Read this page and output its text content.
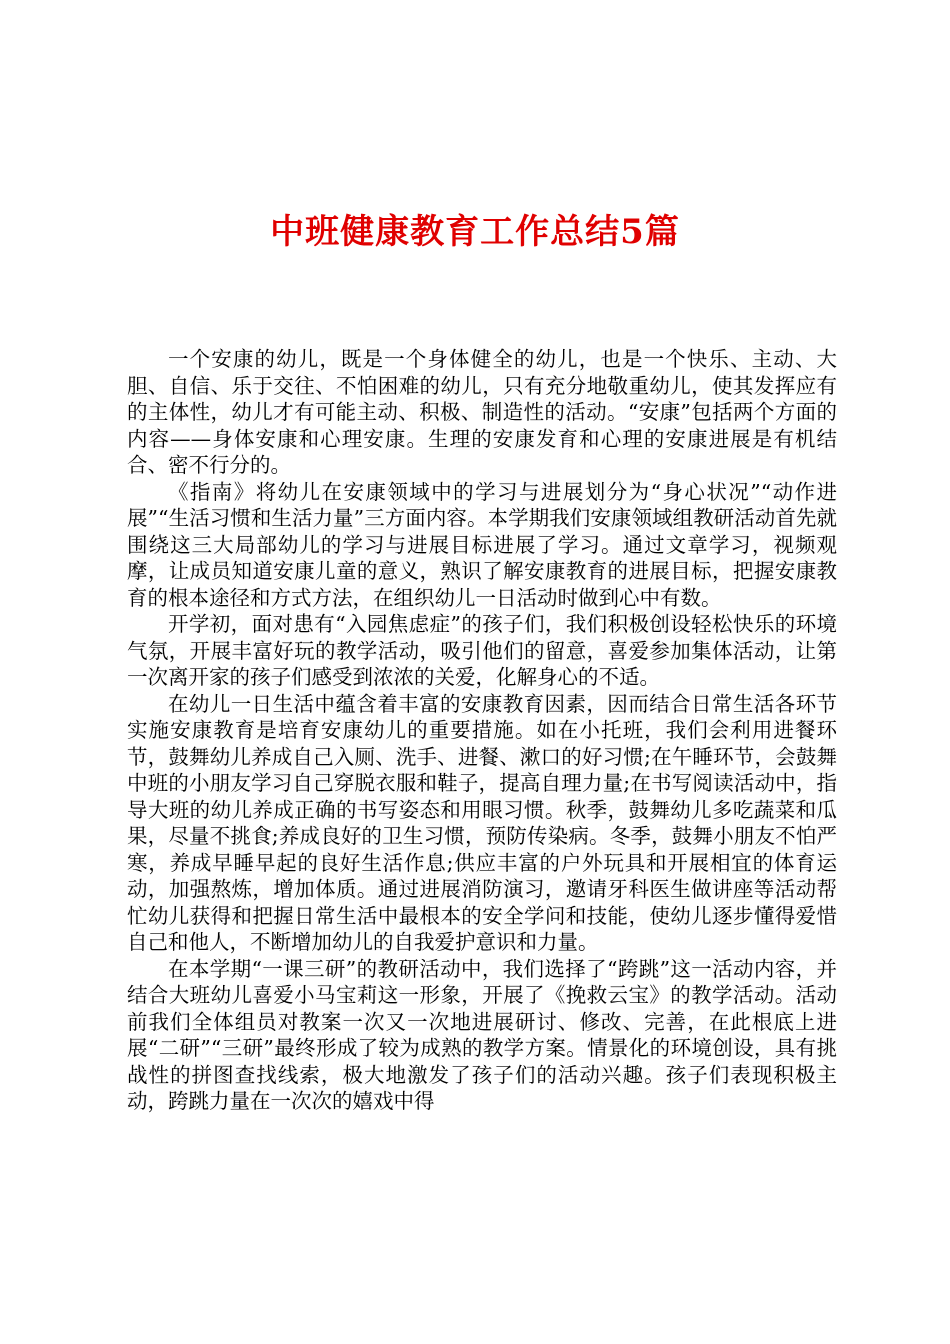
中班健康教育工作总结5篇

一个安康的幼儿，既是一个身体健全的幼儿，也是一个快乐、主动、大胆、自信、乐于交往、不怕困难的幼儿，只有充分地敬重幼儿，使其发挥应有的主体性，幼儿才有可能主动、积极、制造性的活动。“安康”包括两个方面的内容——身体安康和心理安康。生理的安康发育和心理的安康进展是有机结合、密不行分的。

《指南》将幼儿在安康领域中的学习与进展划分为“身心状况”“动作进展”“生活习惯和生活力量”三方面内容。本学期我们安康领域组教研活动首先就围绕这三大局部幼儿的学习与进展目标进展了学习。通过文章学习，视频观摩，让成员知道安康儿童的意义，熟识了解安康教育的进展目标，把握安康教育的根本途径和方式方法，在组织幼儿一日活动时做到心中有数。

开学初，面对患有“入园焦虑症”的孩子们，我们积极创设轻松快乐的环境气氛，开展丰富好玩的教学活动，吸引他们的留意，喜爱参加集体活动，让第一次离开家的孩子们感受到浓浓的关爱，化解身心的不适。

在幼儿一日生活中蕴含着丰富的安康教育因素，因而结合日常生活各环节实施安康教育是培育安康幼儿的重要措施。如在小托班，我们会利用进餐环节，鼓舞幼儿养成自己入厕、洗手、进餐、漱口的好习惯;在午睡环节，会鼓舞中班的小朋友学习自己穿脱衣服和鞋子，提高自理力量;在书写阅读活动中，指导大班的幼儿养成正确的书写姿态和用眼习惯。秋季，鼓舞幼儿多吃蔬菜和瓜果，尽量不挑食;养成良好的卫生习惯，预防传染病。冬季，鼓舞小朋友不怕严寒，养成早睡早起的良好生活作息;供应丰富的户外玩具和开展相宜的体育运动，加强熬炼，增加体质。通过进展消防演习，邀请牙科医生做讲座等活动帮忙幼儿获得和把握日常生活中最根本的安全学问和技能，使幼儿逐步懂得爱惜自己和他人，不断增加幼儿的自我爱护意识和力量。

在本学期“一课三研”的教研活动中，我们选择了“跨跳”这一活动内容，并结合大班幼儿喜爱小马宝莉这一形象，开展了《挽救云宝》的教学活动。活动前我们全体组员对教案一次又一次地进展研讨、修改、完善，在此根底上进展“二研”“三研”最终形成了较为成熟的教学方案。情景化的环境创设，具有挑战性的拼图查找线索，极大地激发了孩子们的活动兴趣。孩子们表现积极主动，跨跳力量在一次次的嬉戏中得
